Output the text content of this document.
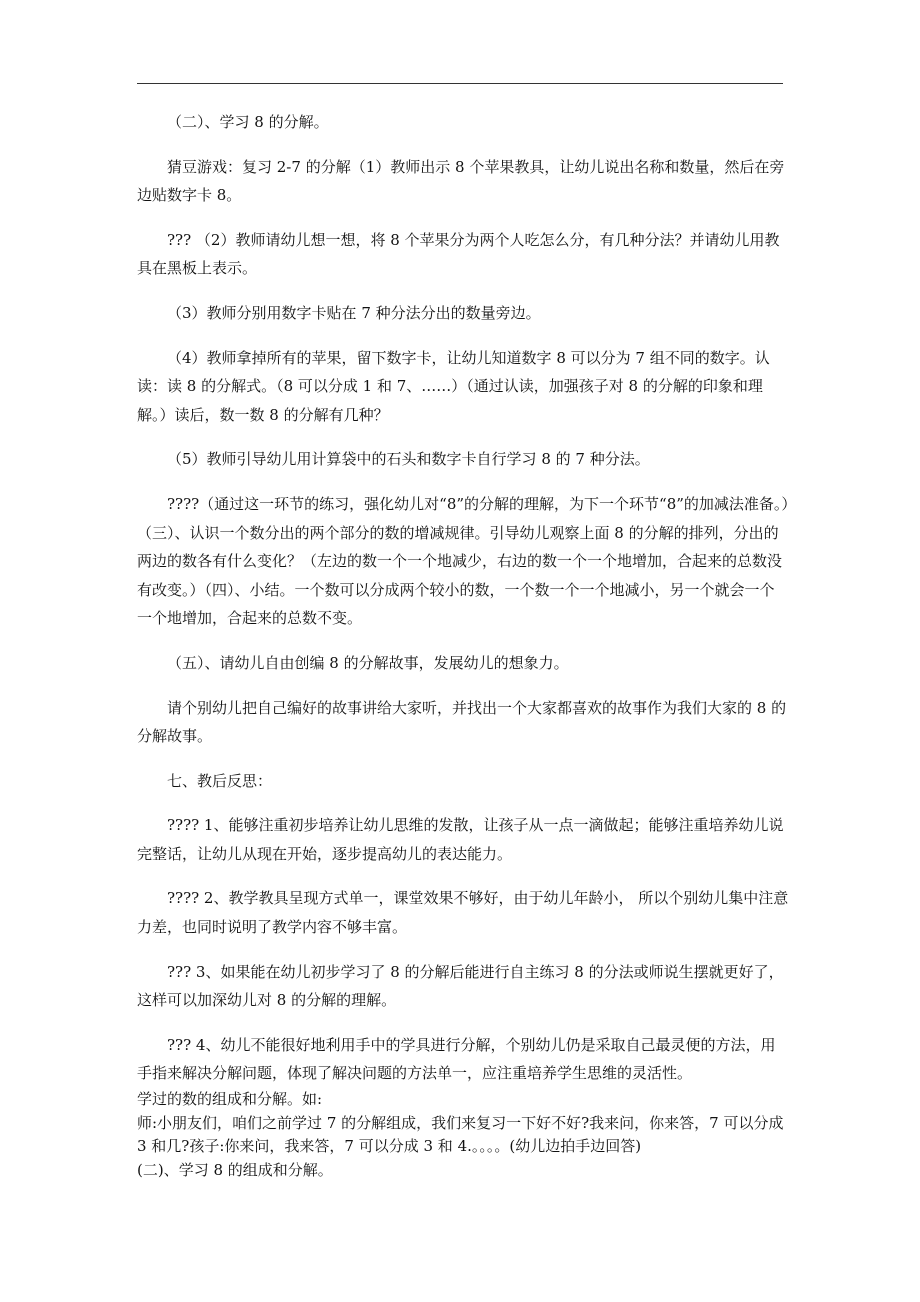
（二）、学习 8 的分解。

猜豆游戏：复习 2-7 的分解（1）教师出示 8 个苹果教具，让幼儿说出名称和数量，然后在旁边贴数字卡 8。

??? （2）教师请幼儿想一想，将 8 个苹果分为两个人吃怎么分，有几种分法？并请幼儿用教具在黑板上表示。

（3）教师分别用数字卡贴在 7 种分法分出的数量旁边。

（4）教师拿掉所有的苹果，留下数字卡，让幼儿知道数字 8 可以分为 7 组不同的数字。认读：读 8 的分解式。（8 可以分成 1 和 7、……）（通过认读，加强孩子对 8 的分解的印象和理解。）读后，数一数 8 的分解有几种？

（5）教师引导幼儿用计算袋中的石头和数字卡自行学习 8 的 7 种分法。

????（通过这一环节的练习，强化幼儿对“8”的分解的理解，为下一个环节“8”的加减法准备。）（三）、认识一个数分出的两个部分的数的增减规律。引导幼儿观察上面 8 的分解的排列，分出的两边的数各有什么变化？（左边的数一个一个地减少，右边的数一个一个地增加，合起来的总数没有改变。）（四）、小结。一个数可以分成两个较小的数，一个数一个一个地减小，另一个就会一个一个地增加，合起来的总数不变。

（五）、请幼儿自由创编 8 的分解故事，发展幼儿的想象力。

请个别幼儿把自己编好的故事讲给大家听，并找出一个大家都喜欢的故事作为我们大家的 8 的分解故事。

七、教后反思：

???? 1、能够注重初步培养让幼儿思维的发散，让孩子从一点一滴做起；能够注重培养幼儿说完整话，让幼儿从现在开始，逐步提高幼儿的表达能力。

???? 2、教学教具呈现方式单一，课堂效果不够好，由于幼儿年龄小， 所以个别幼儿集中注意力差，也同时说明了教学内容不够丰富。

??? 3、如果能在幼儿初步学习了 8 的分解后能进行自主练习 8 的分法或师说生摆就更好了，这样可以加深幼儿对 8 的分解的理解。

??? 4、幼儿不能很好地利用手中的学具进行分解，个别幼儿仍是采取自己最灵便的方法，用手指来解决分解问题，体现了解决问题的方法单一，应注重培养学生思维的灵活性。

学过的数的组成和分解。如:

师:小朋友们，咱们之前学过 7 的分解组成，我们来复习一下好不好?我来问，你来答，7 可以分成 3 和几?孩子:你来问，我来答，7 可以分成 3 和 4.。。。。(幼儿边拍手边回答)

(二)、学习 8 的组成和分解。
